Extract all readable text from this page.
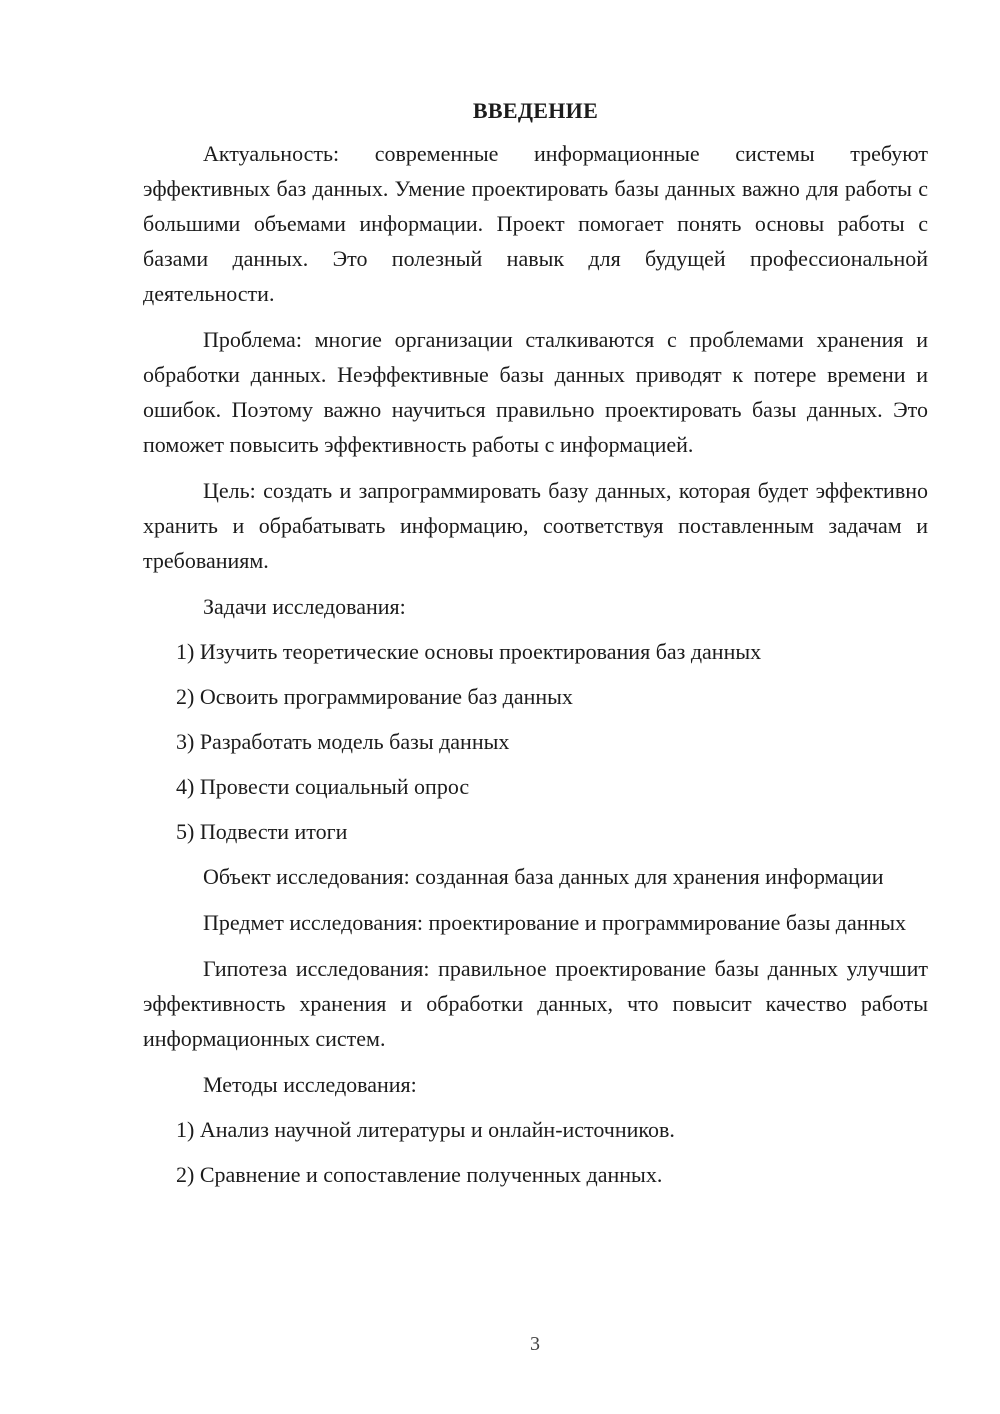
ВВЕДЕНИЕ

Актуальность: современные информационные системы требуют эффективных баз данных. Умение проектировать базы данных важно для работы с большими объемами информации. Проект помогает понять основы работы с базами данных. Это полезный навык для будущей профессиональной деятельности.

Проблема: многие организации сталкиваются с проблемами хранения и обработки данных. Неэффективные базы данных приводят к потере времени и ошибок. Поэтому важно научиться правильно проектировать базы данных. Это поможет повысить эффективность работы с информацией.

Цель: создать и запрограммировать базу данных, которая будет эффективно хранить и обрабатывать информацию, соответствуя поставленным задачам и требованиям.

Задачи исследования:
1) Изучить теоретические основы проектирования баз данных
2) Освоить программирование баз данных
3) Разработать модель базы данных
4) Провести социальный опрос
5) Подвести итоги

Объект исследования: созданная база данных для хранения информации

Предмет исследования: проектирование и программирование базы данных

Гипотеза исследования: правильное проектирование базы данных улучшит эффективность хранения и обработки данных, что повысит качество работы информационных систем.

Методы исследования:
1) Анализ научной литературы и онлайн-источников.
2) Сравнение и сопоставление полученных данных.
3
